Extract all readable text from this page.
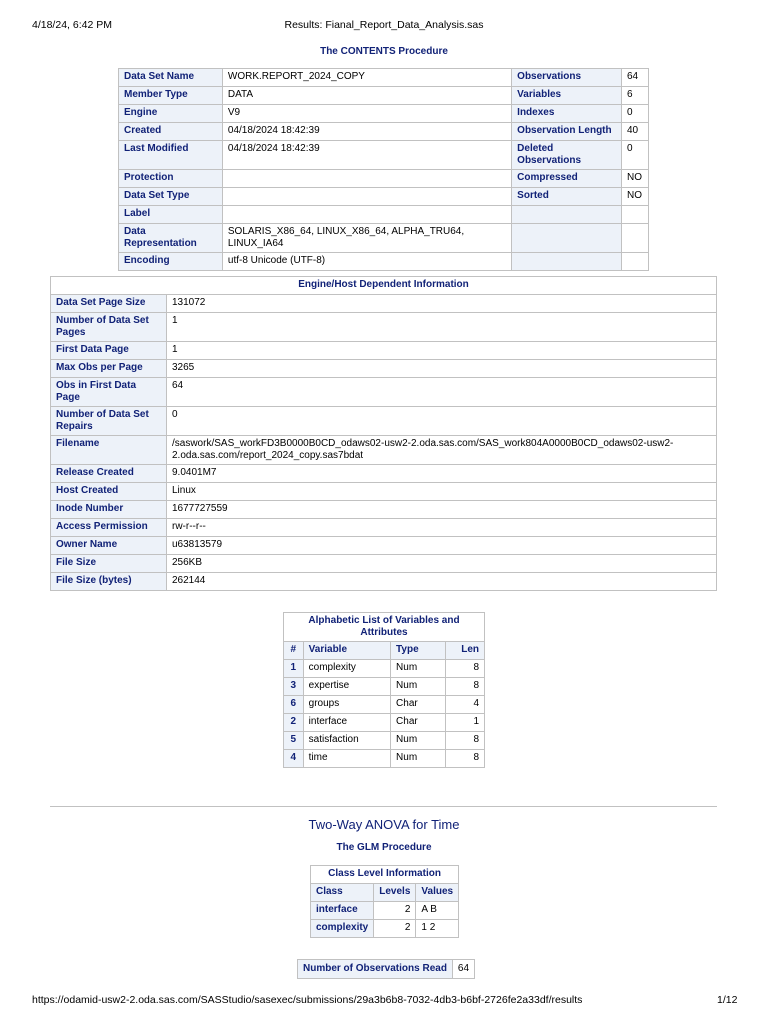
4/18/24, 6:42 PM	Results: Fianal_Report_Data_Analysis.sas
The CONTENTS Procedure
Data Set Name	WORK.REPORT_2024_COPY	Observations	64
Member Type	DATA	Variables	6
Engine	V9	Indexes	0
Created	04/18/2024 18:42:39	Observation Length	40
Last Modified	04/18/2024 18:42:39	Deleted Observations	0
Protection		Compressed	NO
Data Set Type		Sorted	NO
Label			
Data Representation	SOLARIS_X86_64, LINUX_X86_64, ALPHA_TRU64, LINUX_IA64		
Encoding	utf-8 Unicode (UTF-8)		
Engine/Host Dependent Information	
Data Set Page Size	131072
Number of Data Set Pages	1
First Data Page	1
Max Obs per Page	3265
Obs in First Data Page	64
Number of Data Set Repairs	0
Filename	/saswork/SAS_workFD3B0000B0CD_odaws02-usw2-2.oda.sas.com/SAS_work804A0000B0CD_odaws02-usw2-2.oda.sas.com/report_2024_copy.sas7bdat
Release Created	9.0401M7
Host Created	Linux
Inode Number	1677727559
Access Permission	rw-r--r--
Owner Name	u63813579
File Size	256KB
File Size (bytes)	262144
Alphabetic List of Variables and Attributes			
#	Variable	Type	Len
1	complexity	Num	8
3	expertise	Num	8
6	groups	Char	4
2	interface	Char	1
5	satisfaction	Num	8
4	time	Num	8
Two-Way ANOVA for Time
The GLM Procedure
Class Level Information		
Class	Levels	Values
interface	2	A B
complexity	2	1 2
Number of Observations Read	64
https://odamid-usw2-2.oda.sas.com/SASStudio/sasexec/submissions/29a3b6b8-7032-4db3-b6bf-2726fe2a33df/results	1/12
